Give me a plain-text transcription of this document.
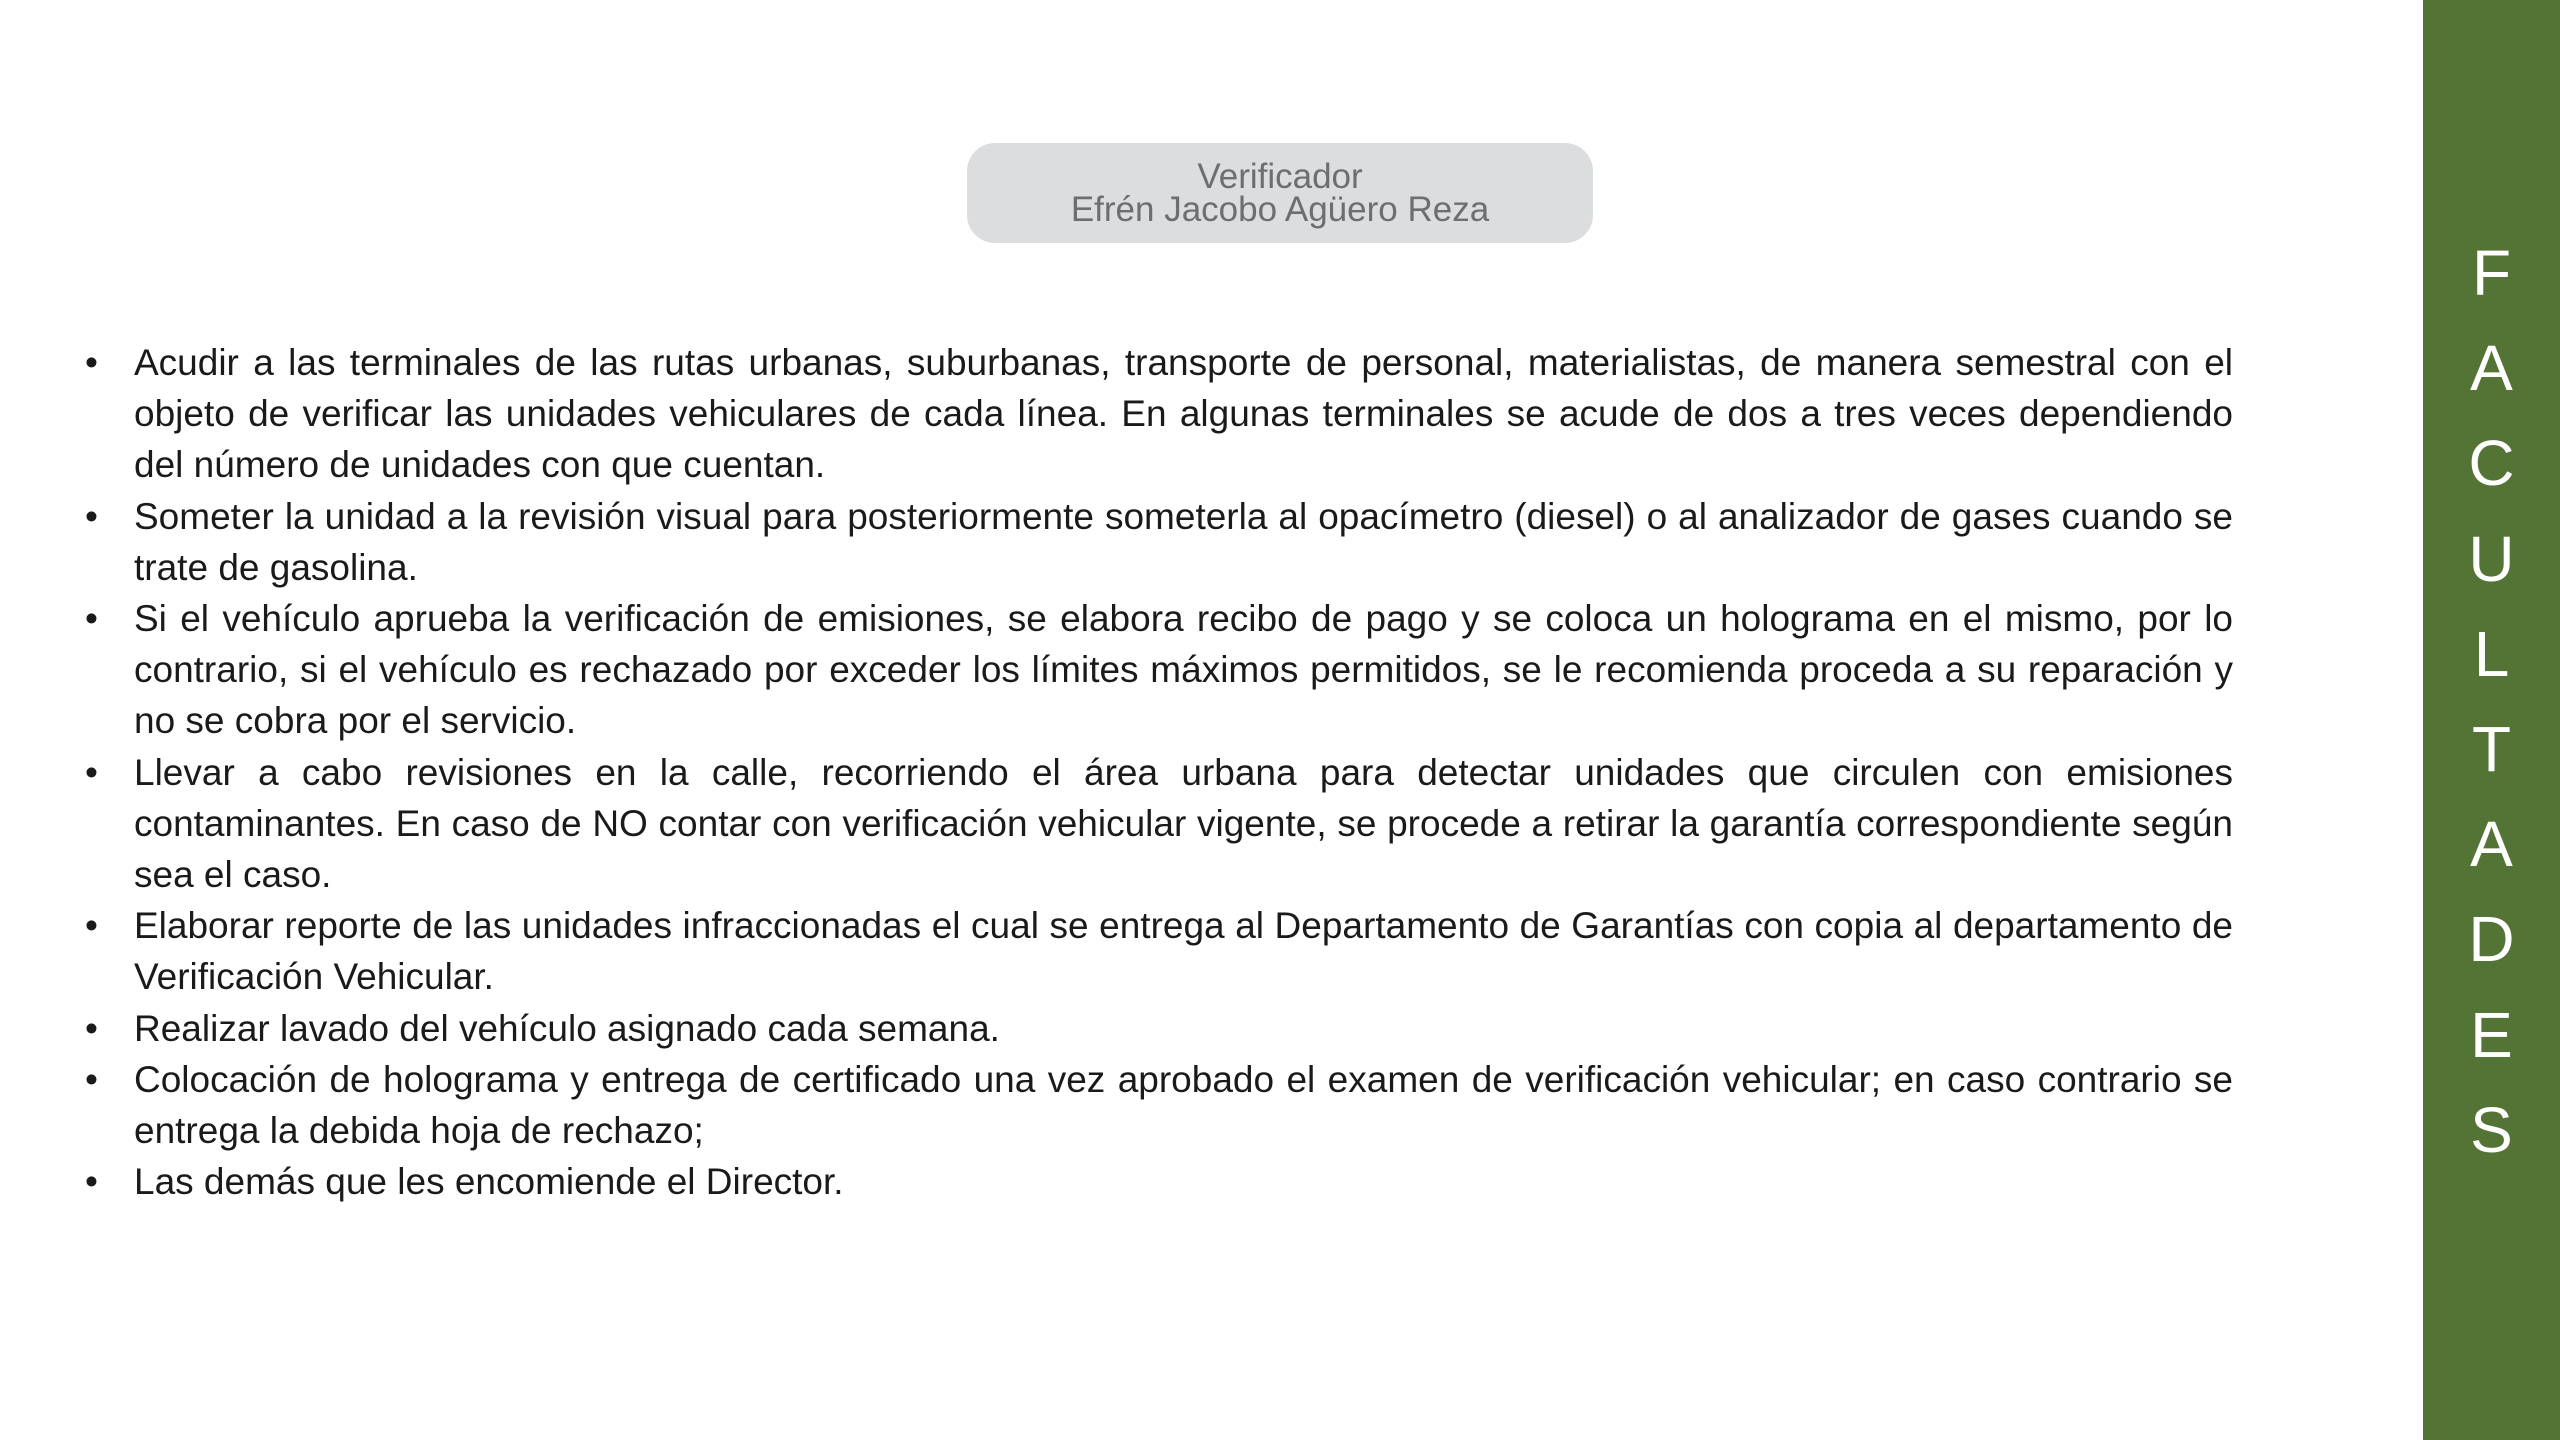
Verificador
Efrén Jacobo Agüero Reza
• Acudir a las terminales de las rutas urbanas, suburbanas, transporte de personal, materialistas, de manera semestral con el objeto de verificar las unidades vehiculares de cada línea. En algunas terminales se acude de dos a tres veces dependiendo del número de unidades con que cuentan.
• Someter la unidad a la revisión visual para posteriormente someterla al opacímetro (diesel) o al analizador de gases cuando se trate de gasolina.
• Si el vehículo aprueba la verificación de emisiones, se elabora recibo de pago y se coloca un holograma en el mismo, por lo contrario, si el vehículo es rechazado por exceder los límites máximos permitidos, se le recomienda proceda a su reparación y no se cobra por el servicio.
• Llevar a cabo revisiones en la calle, recorriendo el área urbana para detectar unidades que circulen con emisiones contaminantes. En caso de NO contar con verificación vehicular vigente, se procede a retirar la garantía correspondiente según sea el caso.
• Elaborar reporte de las unidades infraccionadas el cual se entrega al Departamento de Garantías con copia al departamento de Verificación Vehicular.
• Realizar lavado del vehículo asignado cada semana.
• Colocación de holograma y entrega de certificado una vez aprobado el examen de verificación vehicular; en caso contrario se entrega la debida hoja de rechazo;
• Las demás que les encomiende el Director.
F
A
C
U
L
T
A
D
E
S
